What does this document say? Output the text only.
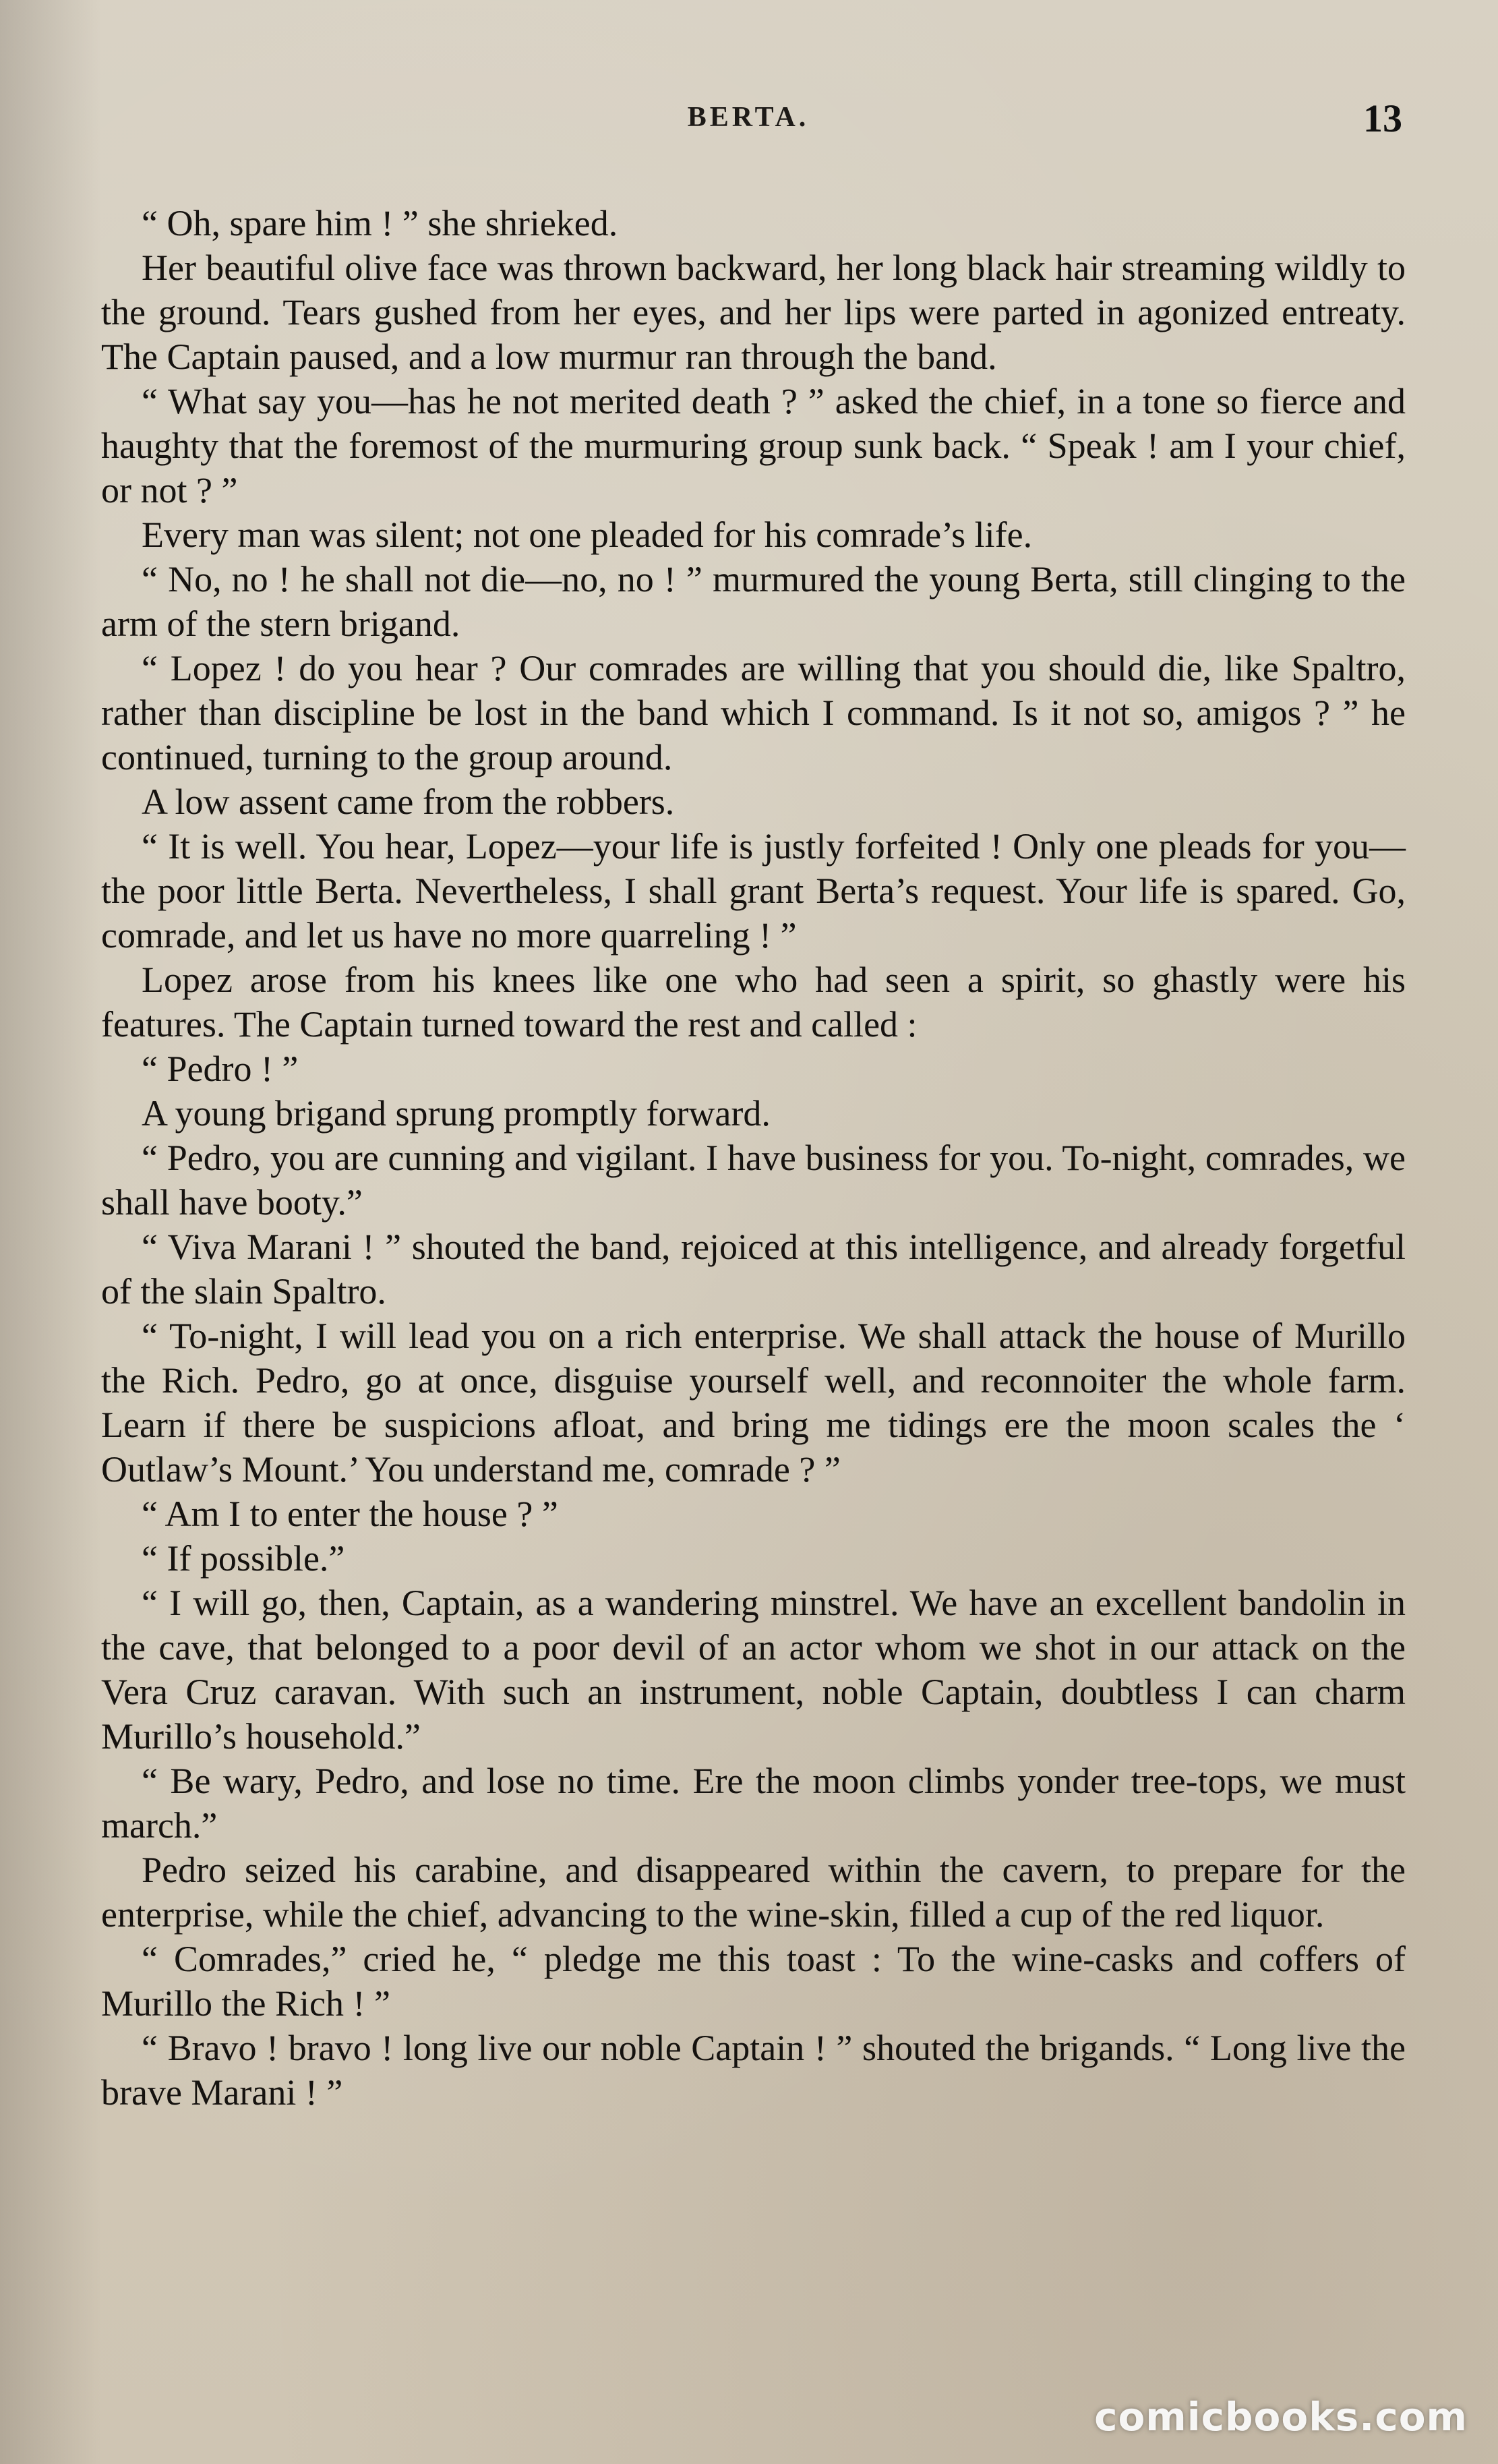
BERTA.	13

“ Oh, spare him ! ” she shrieked.

Her beautiful olive face was thrown backward, her long black hair streaming wildly to the ground. Tears gushed from her eyes, and her lips were parted in agonized entreaty. The Captain paused, and a low murmur ran through the band.

“ What say you—has he not merited death ? ” asked the chief, in a tone so fierce and haughty that the foremost of the murmuring group sunk back. “ Speak ! am I your chief, or not ? ”

Every man was silent; not one pleaded for his comrade’s life.

“ No, no ! he shall not die—no, no ! ” murmured the young Berta, still clinging to the arm of the stern brigand.

“ Lopez ! do you hear ? Our comrades are willing that you should die, like Spaltro, rather than discipline be lost in the band which I command. Is it not so, amigos ? ” he continued, turning to the group around.

A low assent came from the robbers.

“ It is well. You hear, Lopez—your life is justly forfeited ! Only one pleads for you—the poor little Berta. Nevertheless, I shall grant Berta’s request. Your life is spared. Go, comrade, and let us have no more quarreling ! ”

Lopez arose from his knees like one who had seen a spirit, so ghastly were his features. The Captain turned toward the rest and called :

“ Pedro ! ”

A young brigand sprung promptly forward.

“ Pedro, you are cunning and vigilant. I have business for you. To-night, comrades, we shall have booty.”

“ Viva Marani ! ” shouted the band, rejoiced at this intelligence, and already forgetful of the slain Spaltro.

“ To-night, I will lead you on a rich enterprise. We shall attack the house of Murillo the Rich. Pedro, go at once, disguise yourself well, and reconnoiter the whole farm. Learn if there be suspicions afloat, and bring me tidings ere the moon scales the ‘ Outlaw’s Mount.’ You understand me, comrade ? ”

“ Am I to enter the house ? ”

“ If possible.”

“ I will go, then, Captain, as a wandering minstrel. We have an excellent bandolin in the cave, that belonged to a poor devil of an actor whom we shot in our attack on the Vera Cruz caravan. With such an instrument, noble Captain, doubtless I can charm Murillo’s household.”

“ Be wary, Pedro, and lose no time. Ere the moon climbs yonder tree-tops, we must march.”

Pedro seized his carabine, and disappeared within the cavern, to prepare for the enterprise, while the chief, advancing to the wine-skin, filled a cup of the red liquor.

“ Comrades,” cried he, “ pledge me this toast : To the wine-casks and coffers of Murillo the Rich ! ”

“ Bravo ! bravo ! long live our noble Captain ! ” shouted the brigands. “ Long live the brave Marani ! ”

comicbooks.com
